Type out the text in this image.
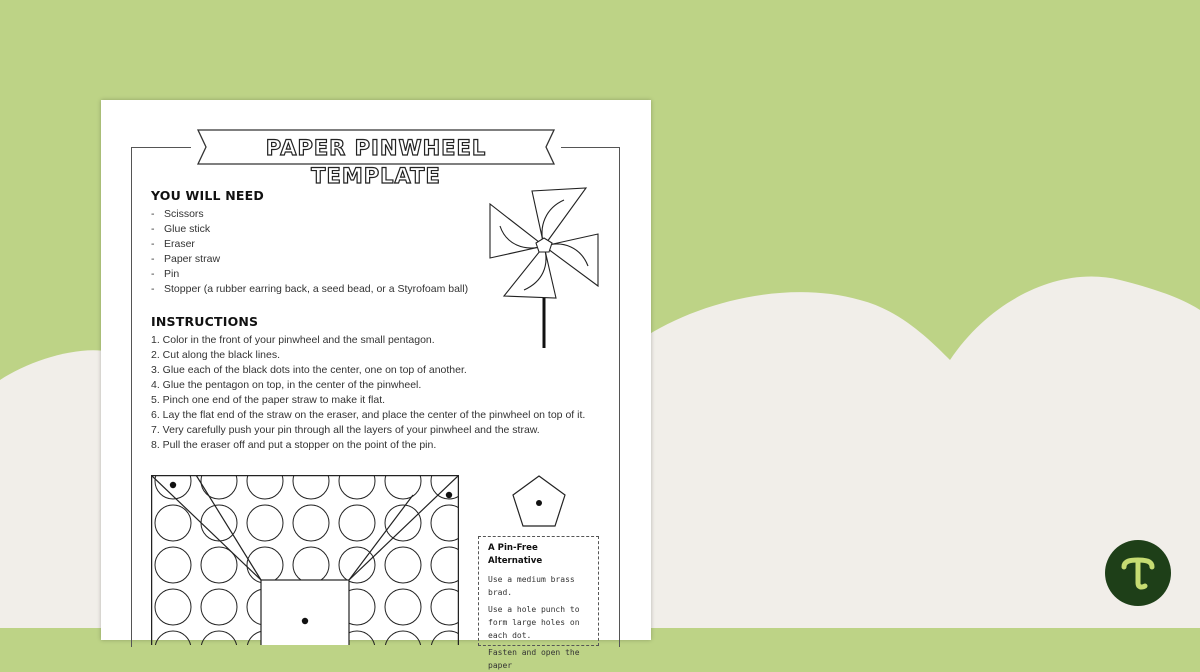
PAPER PINWHEEL TEMPLATE
YOU WILL NEED
- Scissors
- Glue stick
- Eraser
- Paper straw
- Pin
- Stopper (a rubber earring back, a seed bead, or a Styrofoam ball)
INSTRUCTIONS
1. Color in the front of your pinwheel and the small pentagon.
2. Cut along the black lines.
3. Glue each of the black dots into the center, one on top of another.
4. Glue the pentagon on top, in the center of the pinwheel.
5. Pinch one end of the paper straw to make it flat.
6. Lay the flat end of the straw on the eraser, and place the center of the pinwheel on top of it.
7. Very carefully push your pin through all the layers of your pinwheel and the straw.
8. Pull the eraser off and put a stopper on the point of the pin.
A Pin-Free Alternative
Use a medium brass brad.
Use a hole punch to form large holes on each dot.
Fasten and open the paper
